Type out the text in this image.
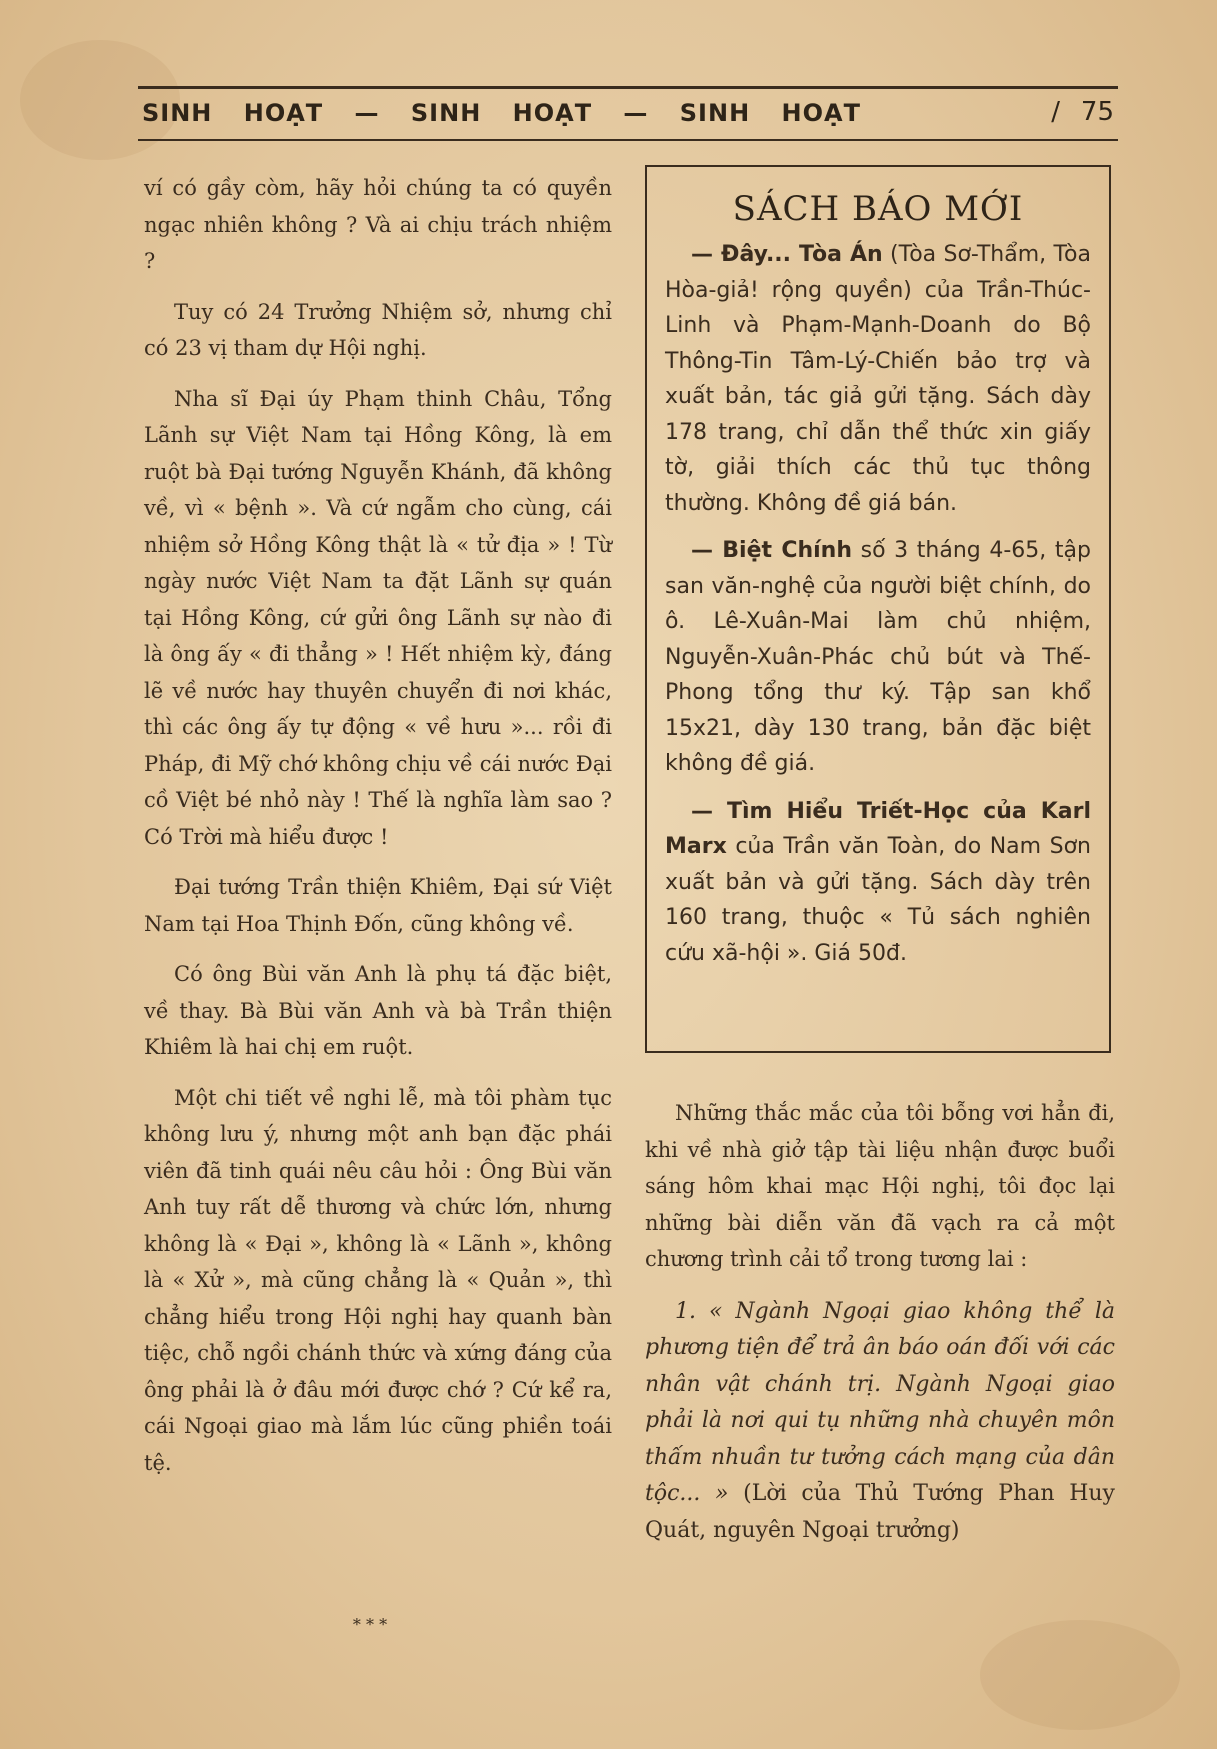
SINH HOẠT — SINH HOẠT — SINH HOẠT	/ 75

ví có gầy còm, hãy hỏi chúng ta có quyền ngạc nhiên không ? Và ai chịu trách nhiệm ?

Tuy có 24 Trưởng Nhiệm sở, nhưng chỉ có 23 vị tham dự Hội nghị.

Nha sĩ Đại úy Phạm thinh Châu, Tổng Lãnh sự Việt Nam tại Hồng Kông, là em ruột bà Đại tướng Nguyễn Khánh, đã không về, vì « bệnh ». Và cứ ngẫm cho cùng, cái nhiệm sở Hồng Kông thật là « tử địa » ! Từ ngày nước Việt Nam ta đặt Lãnh sự quán tại Hồng Kông, cứ gửi ông Lãnh sự nào đi là ông ấy « đi thẳng » ! Hết nhiệm kỳ, đáng lẽ về nước hay thuyên chuyển đi nơi khác, thì các ông ấy tự động « về hưu »... rồi đi Pháp, đi Mỹ chớ không chịu về cái nước Đại cồ Việt bé nhỏ này ! Thế là nghĩa làm sao ? Có Trời mà hiểu được !

Đại tướng Trần thiện Khiêm, Đại sứ Việt Nam tại Hoa Thịnh Đốn, cũng không về.

Có ông Bùi văn Anh là phụ tá đặc biệt, về thay. Bà Bùi văn Anh và bà Trần thiện Khiêm là hai chị em ruột.

Một chi tiết về nghi lễ, mà tôi phàm tục không lưu ý, nhưng một anh bạn đặc phái viên đã tinh quái nêu câu hỏi : Ông Bùi văn Anh tuy rất dễ thương và chức lớn, nhưng không là « Đại », không là « Lãnh », không là « Xử », mà cũng chẳng là « Quản », thì chẳng hiểu trong Hội nghị hay quanh bàn tiệc, chỗ ngồi chánh thức và xứng đáng của ông phải là ở đâu mới được chớ ? Cứ kể ra, cái Ngoại giao mà lắm lúc cũng phiền toái tệ.

* * *
SÁCH BÁO MỚI

— Đây... Tòa Án (Tòa Sơ-Thẩm, Tòa Hòa-giả! rộng quyền) của Trần-Thúc-Linh và Phạm-Mạnh-Doanh do Bộ Thông-Tin Tâm-Lý-Chiến bảo trợ và xuất bản, tác giả gửi tặng. Sách dày 178 trang, chỉ dẫn thể thức xin giấy tờ, giải thích các thủ tục thông thường. Không đề giá bán.

— Biệt Chính số 3 tháng 4-65, tập san văn-nghệ của người biệt chính, do ô. Lê-Xuân-Mai làm chủ nhiệm, Nguyễn-Xuân-Phác chủ bút và Thế-Phong tổng thư ký. Tập san khổ 15x21, dày 130 trang, bản đặc biệt không đề giá.

— Tìm Hiểu Triết-Học của Karl Marx của Trần văn Toàn, do Nam Sơn xuất bản và gửi tặng. Sách dày trên 160 trang, thuộc « Tủ sách nghiên cứu xã-hội ». Giá 50đ.

Những thắc mắc của tôi bỗng vơi hẳn đi, khi về nhà giở tập tài liệu nhận được buổi sáng hôm khai mạc Hội nghị, tôi đọc lại những bài diễn văn đã vạch ra cả một chương trình cải tổ trong tương lai :

1. « Ngành Ngoại giao không thể là phương tiện để trả ân báo oán đối với các nhân vật chánh trị. Ngành Ngoại giao phải là nơi qui tụ những nhà chuyên môn thấm nhuần tư tưởng cách mạng của dân tộc... » (Lời của Thủ Tướng Phan Huy Quát, nguyên Ngoại trưởng)
